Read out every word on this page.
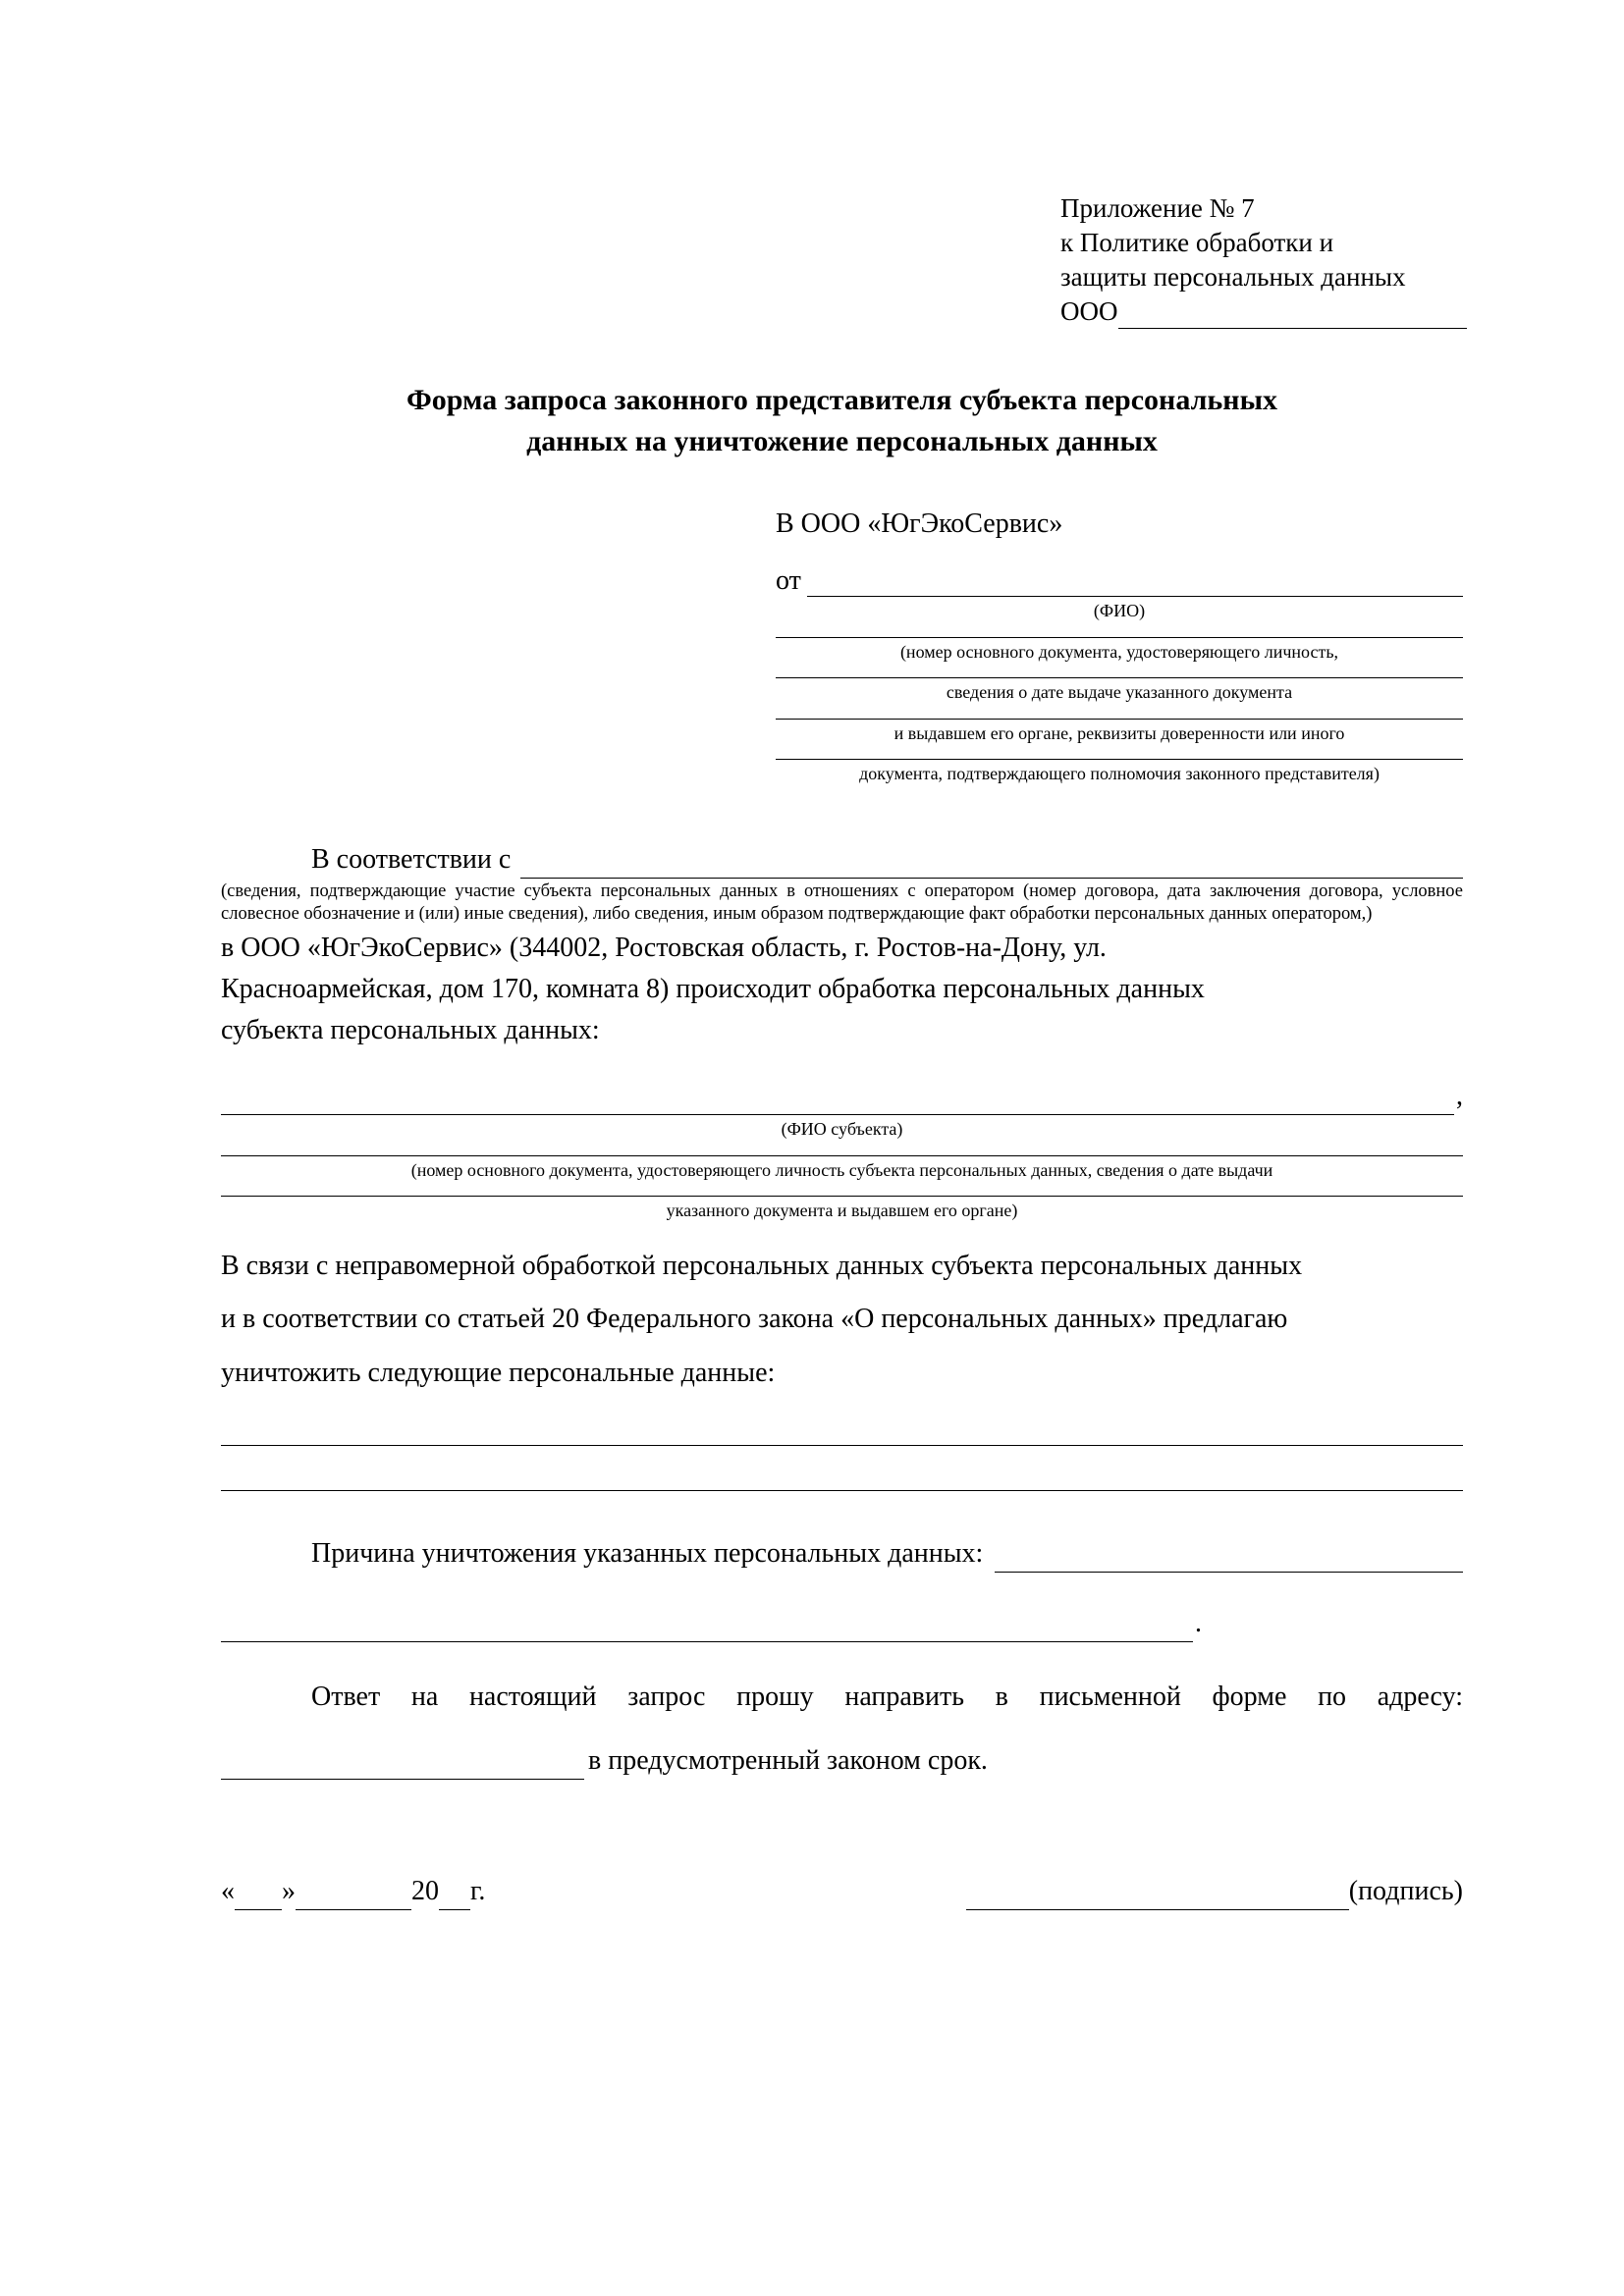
Приложение № 7
к Политике обработки и
защиты персональных данных
ООО
Форма запроса законного представителя субъекта персональных
данных на уничтожение персональных данных
В ООО «ЮгЭкоСервис»
от
(ФИО)
(номер основного документа, удостоверяющего личность,
сведения о дате выдаче указанного документа
и выдавшем его органе, реквизиты доверенности или иного
документа, подтверждающего полномочия законного представителя)
В соответствии с
(сведения, подтверждающие участие субъекта персональных данных в отношениях с оператором (номер договора, дата заключения договора, условное словесное обозначение и (или) иные сведения), либо сведения, иным образом подтверждающие факт обработки персональных данных оператором,)
в ООО «ЮгЭкоСервис» (344002, Ростовская область, г. Ростов-на-Дону, ул.
Красноармейская, дом 170, комната 8) происходит обработка персональных данных
субъекта персональных данных:
,
(ФИО субъекта)
(номер основного документа, удостоверяющего личность субъекта персональных данных, сведения о дате выдачи
указанного документа и выдавшем его органе)
В связи с неправомерной обработкой персональных данных субъекта персональных данных
и в соответствии со статьей 20 Федерального закона «О персональных данных» предлагаю
уничтожить следующие персональные данные:
Причина уничтожения указанных персональных данных:
.
Ответ на настоящий запрос прошу направить в письменной форме по адресу:
в предусмотренный законом срок.
« »	20 г.	(подпись)
